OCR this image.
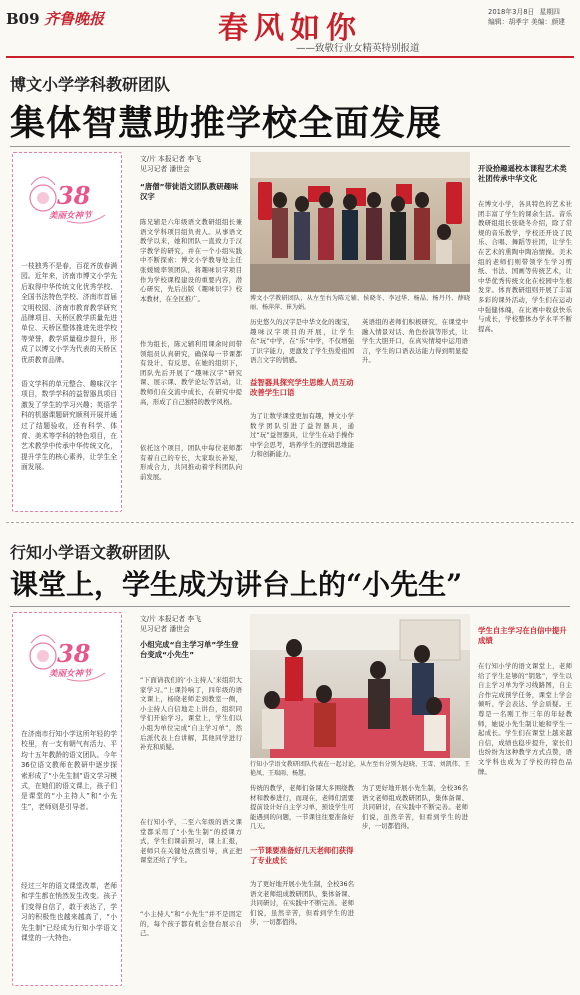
B09 齐鲁晚报	春风如你
——致敬行业女精英特别报道
2018年3月8日 星期四
编辑：胡孝宇 美编：颜建
博文小学学科教研团队
集体智慧助推学校全面发展
38
美丽女神节
一枝独秀不是春，百花齐放春满园。近年来，济南市博文小学先后取得中华传统文化优秀学校、全国书法特色学校、济南市首届文明校园、济南市教育教学研究品牌项目、天桥区教学质量先进单位、天桥区整体推进先进学校等荣誉，教学质量稳步提升，形成了以博文小学为代表的天桥区优质教育品牌。
语文学科的单元整合、趣味汉字项目，数学学科的益智器具项目激发了学生的学习兴趣；英语学科的机器课题研究顺利开展并通过了结题验收，还有科学、体育、美术等学科的特色项目，在艺术教学中传承中华传统文化，提升学生的核心素养，让学生全面发展。
文/片 本报记者 李飞
见习记者 潘世会
“唐僧”带徒语文团队教研趣味汉字
陈兄辅是六年级语文教研组组长兼语文学科项目组负责人。从事语文教学以来，她和团队一直致力于汉字教学的研究，并在一个小组实践中不断探索：博文小学教导处主任张媛媛率领团队，将趣味识字项目作为学校课程建设的重要内容，潜心研究，先后出版《趣味识字》校本教材，在全区推广。
作为组长，陈元辅利用课余时间带领组员认真研究，确保每一节课都有设计、有反思。在她的组织下，团队先后开展了“趣味汉字”研究课、展示课、教学论坛等活动，让教师们在交流中成长，在研究中提高，形成了自己独特的教学风格。
依托这个项目，团队中每位老师都有着自己的专长，大家取长补短，形成合力，共同推动着学科团队向前发展。
博文小学教研团队，从左至右为陈元辅、侯晓冬、李冠华、杨晶、杨丹丹、薛晓丽、杨萍萍、崔为娟。
历史悠久的汉字是中华文化的瑰宝，趣味汉字项目的开展，让学生在“玩”中学，在“乐”中学，不仅增强了识字能力，更激发了学生热爱祖国语言文字的情感。
益智器具探究学生思维人员互动改善学生口语
为了让数学课堂更加有趣，博文小学数学团队引进了益智器具，通过“玩”益智器具，让学生在动手操作中学会思考，培养学生的逻辑思维能力和创新能力。
英语组的老师们积极研究，在课堂中融入情景对话、角色扮演等形式，让学生大胆开口，在真实情境中运用语言，学生的口语表达能力得到明显提升。
开设拾趣遥校本课程艺术类社团传承中华文化
在博文小学，各具特色的艺术社团丰富了学生的课余生活。音乐教研组组长张晓冬介绍，除了常规的音乐教学，学校还开设了民乐、合唱、舞蹈等社团，让学生在艺术的熏陶中陶冶情操。美术组的老师们则带领学生学习剪纸、书法、国画等传统艺术，让中华优秀传统文化在校园中生根发芽。体育教研组则开展了丰富多彩的课外活动，学生们在运动中强健体魄，在比赛中收获快乐与成长，学校整体办学水平不断提高。
行知小学语文教研团队
课堂上，学生成为讲台上的“小先生”
38
美丽女神节
在济南市行知小学这所年轻的学校里，有一支有朝气有活力、平均十五年教龄的语文团队。今年36位语文教师在教研中逐步探索形成了“小先生制”语文学习模式，在她们的语文课上，孩子们是课堂的“小主持人”和“小先生”，老师则是引导者。
经过三年的语文课堂改革，老师和学生都在悄然发生改变。孩子们变得自信了，敢于表达了，学习的积极性也越来越高了，“小先生制”已经成为行知小学语文课堂的一大特色。
文/片 本报记者 李飞
见习记者 潘世会
小组完成“自主学习单”学生登台变成“小先生”
“下面请我们的‘小主持人’来组织大家学习。”上课铃响了，四年级的语文课上，杨晓老师走到教室一侧，小主持人自信地走上讲台，组织同学们开始学习。课堂上，学生们以小组为单位完成“自主学习单”，然后派代表上台讲解，其他同学进行补充和质疑。
在行知小学，二至六年级的语文课堂都采用了“小先生制”的授课方式，学生们课前预习，课上汇报，老师只在关键处点拨引导，真正把课堂还给了学生。
“小主持人”和“小先生”并不是固定的，每个孩子都有机会登台展示自己。
行知小学语文教研团队代表在一起讨论，从左至右分别为赵晓、王雪、刘凯伟、王艳凤、王瑞雨、杨慧。
传统的教学，老师们备课大多围绕教材和教参进行，而现在，老师们需要提前设计好自主学习单，预设学生可能遇到的问题，一节课往往要准备好几天。
一节课要准备好几天老师们获得了专业成长
为了更好地开展小先生制，全校36名语文老师组成教研团队，集体备课、共同研讨，在实践中不断完善。老师们说，虽然辛苦，但看到学生的进步，一切都值得。
为了更好地开展小先生制，全校36名语文老师组成教研团队，集体备课、共同研讨，在实践中不断完善。老师们说，虽然辛苦，但看到学生的进步，一切都值得。
学生自主学习在自信中提升成绩
在行知小学的语文课堂上，老师给了学生足够的“钥匙”，学生以自主学习单为学习线路图，自主合作完成预学任务，课堂上学会倾听、学会表达、学会质疑。王尊是一名刚工作三年的年轻教师，她说小先生制让她和学生一起成长。学生们在课堂上越来越自信，成绩也稳步提升，家长们也纷纷为这种教学方式点赞，语文学科也成为了学校的特色品牌。
